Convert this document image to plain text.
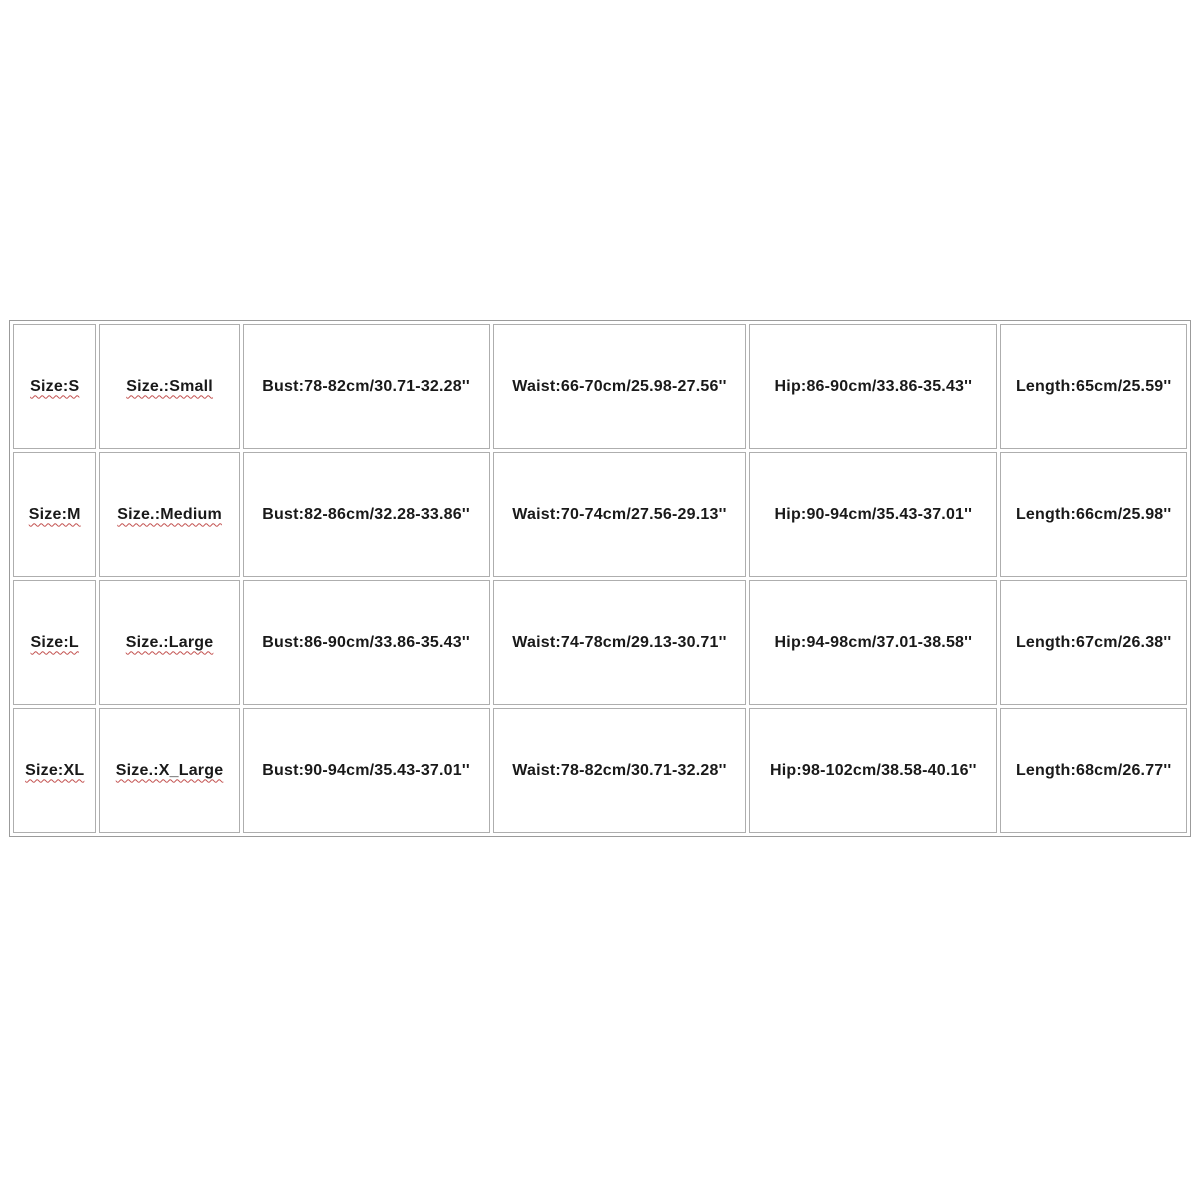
Size:S	Size.:Small	Bust:78-82cm/30.71-32.28''	Waist:66-70cm/25.98-27.56''	Hip:86-90cm/33.86-35.43''	Length:65cm/25.59''
Size:M	Size.:Medium	Bust:82-86cm/32.28-33.86''	Waist:70-74cm/27.56-29.13''	Hip:90-94cm/35.43-37.01''	Length:66cm/25.98''
Size:L	Size.:Large	Bust:86-90cm/33.86-35.43''	Waist:74-78cm/29.13-30.71''	Hip:94-98cm/37.01-38.58''	Length:67cm/26.38''
Size:XL	Size.:X_Large	Bust:90-94cm/35.43-37.01''	Waist:78-82cm/30.71-32.28''	Hip:98-102cm/38.58-40.16''	Length:68cm/26.77''
